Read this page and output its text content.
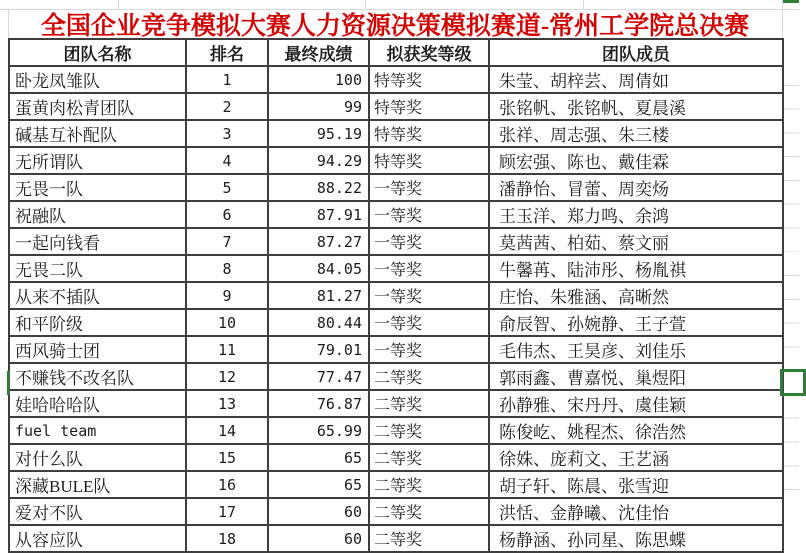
全国企业竞争模拟大赛人力资源决策模拟赛道-常州工学院总决赛
团队名称	排名	最终成绩	拟获奖等级	团队成员
卧龙凤雏队	1	100	特等奖	朱莹、胡梓芸、周倩如
蛋黄肉松青团队	2	99	特等奖	张铭帆、张铭帆、夏晨溪
碱基互补配队	3	95.19	特等奖	张祥、周志强、朱三楼
无所谓队	4	94.29	特等奖	顾宏强、陈也、戴佳霖
无畏一队	5	88.22	一等奖	潘静怡、冒蕾、周奕炀
祝融队	6	87.91	一等奖	王玉洋、郑力鸣、余鸿
一起向钱看	7	87.27	一等奖	莫茜茜、柏茹、蔡文丽
无畏二队	8	84.05	一等奖	牛馨苒、陆沛彤、杨胤祺
从来不插队	9	81.27	一等奖	庄怡、朱雅涵、高晰然
和平阶级	10	80.44	一等奖	俞辰智、孙婉静、王子萱
西风骑士团	11	79.01	一等奖	毛伟杰、王昊彦、刘佳乐
不赚钱不改名队	12	77.47	二等奖	郭雨鑫、曹嘉悦、巢煜阳
娃哈哈哈队	13	76.87	二等奖	孙静雅、宋丹丹、虞佳颖
fuel team	14	65.99	二等奖	陈俊屹、姚程杰、徐浩然
对什么队	15	65	二等奖	徐姝、庞莉文、王艺涵
深藏BULE队	16	65	二等奖	胡子轩、陈晨、张雪迎
爱对不队	17	60	二等奖	洪恬、金静曦、沈佳怡
从容应队	18	60	二等奖	杨静涵、孙同星、陈思蝶
